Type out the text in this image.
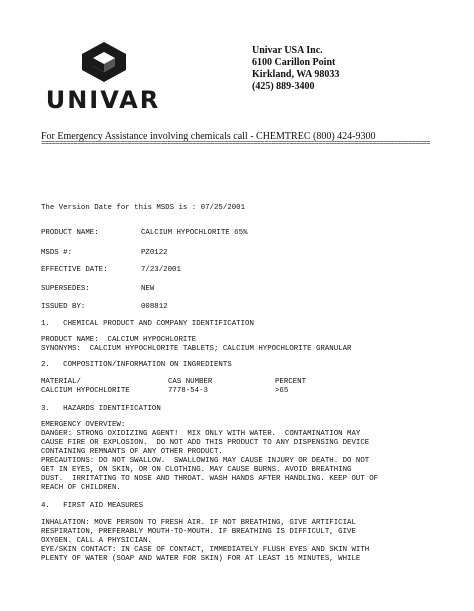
UNIVAR
Univar USA Inc.
6100 Carillon Point
Kirkland, WA 98033
(425) 889-3400
For Emergency Assistance involving chemicals call - CHEMTREC (800) 424-9300
============================================================================================================
The Version Date for this MSDS is : 07/25/2001
PRODUCT NAME:	CALCIUM HYPOCHLORITE 65%
MSDS #:	PZ0122
EFFECTIVE DATE:	7/23/2001
SUPERSEDES:	NEW
ISSUED BY:	008812
1.   CHEMICAL PRODUCT AND COMPANY IDENTIFICATION
PRODUCT NAME:  CALCIUM HYPOCHLORITE
SYNONYMS:  CALCIUM HYPOCHLORITE TABLETS; CALCIUM HYPOCHLORITE GRANULAR
2.   COMPOSITION/INFORMATION ON INGREDIENTS
MATERIAL/	CAS NUMBER	PERCENT
CALCIUM HYPOCHLORITE	7778-54-3	>65
3.   HAZARDS IDENTIFICATION
EMERGENCY OVERVIEW:
DANGER: STRONG OXIDIZING AGENT!  MIX ONLY WITH WATER.  CONTAMINATION MAY
CAUSE FIRE OR EXPLOSION.  DO NOT ADD THIS PRODUCT TO ANY DISPENSING DEVICE
CONTAINING REMNANTS OF ANY OTHER PRODUCT.
PRECAUTIONS: DO NOT SWALLOW.  SWALLOWING MAY CAUSE INJURY OR DEATH. DO NOT
GET IN EYES, ON SKIN, OR ON CLOTHING. MAY CAUSE BURNS. AVOID BREATHING
DUST.  IRRITATING TO NOSE AND THROAT. WASH HANDS AFTER HANDLING. KEEP OUT OF
REACH OF CHILDREN.
4.   FIRST AID MEASURES
INHALATION: MOVE PERSON TO FRESH AIR. IF NOT BREATHING, GIVE ARTIFICIAL
RESPIRATION, PREFERABLY MOUTH-TO-MOUTH. IF BREATHING IS DIFFICULT, GIVE
OXYGEN. CALL A PHYSICIAN.
EYE/SKIN CONTACT: IN CASE OF CONTACT, IMMEDIATELY FLUSH EYES AND SKIN WITH
PLENTY OF WATER (SOAP AND WATER FOR SKIN) FOR AT LEAST 15 MINUTES, WHILE
